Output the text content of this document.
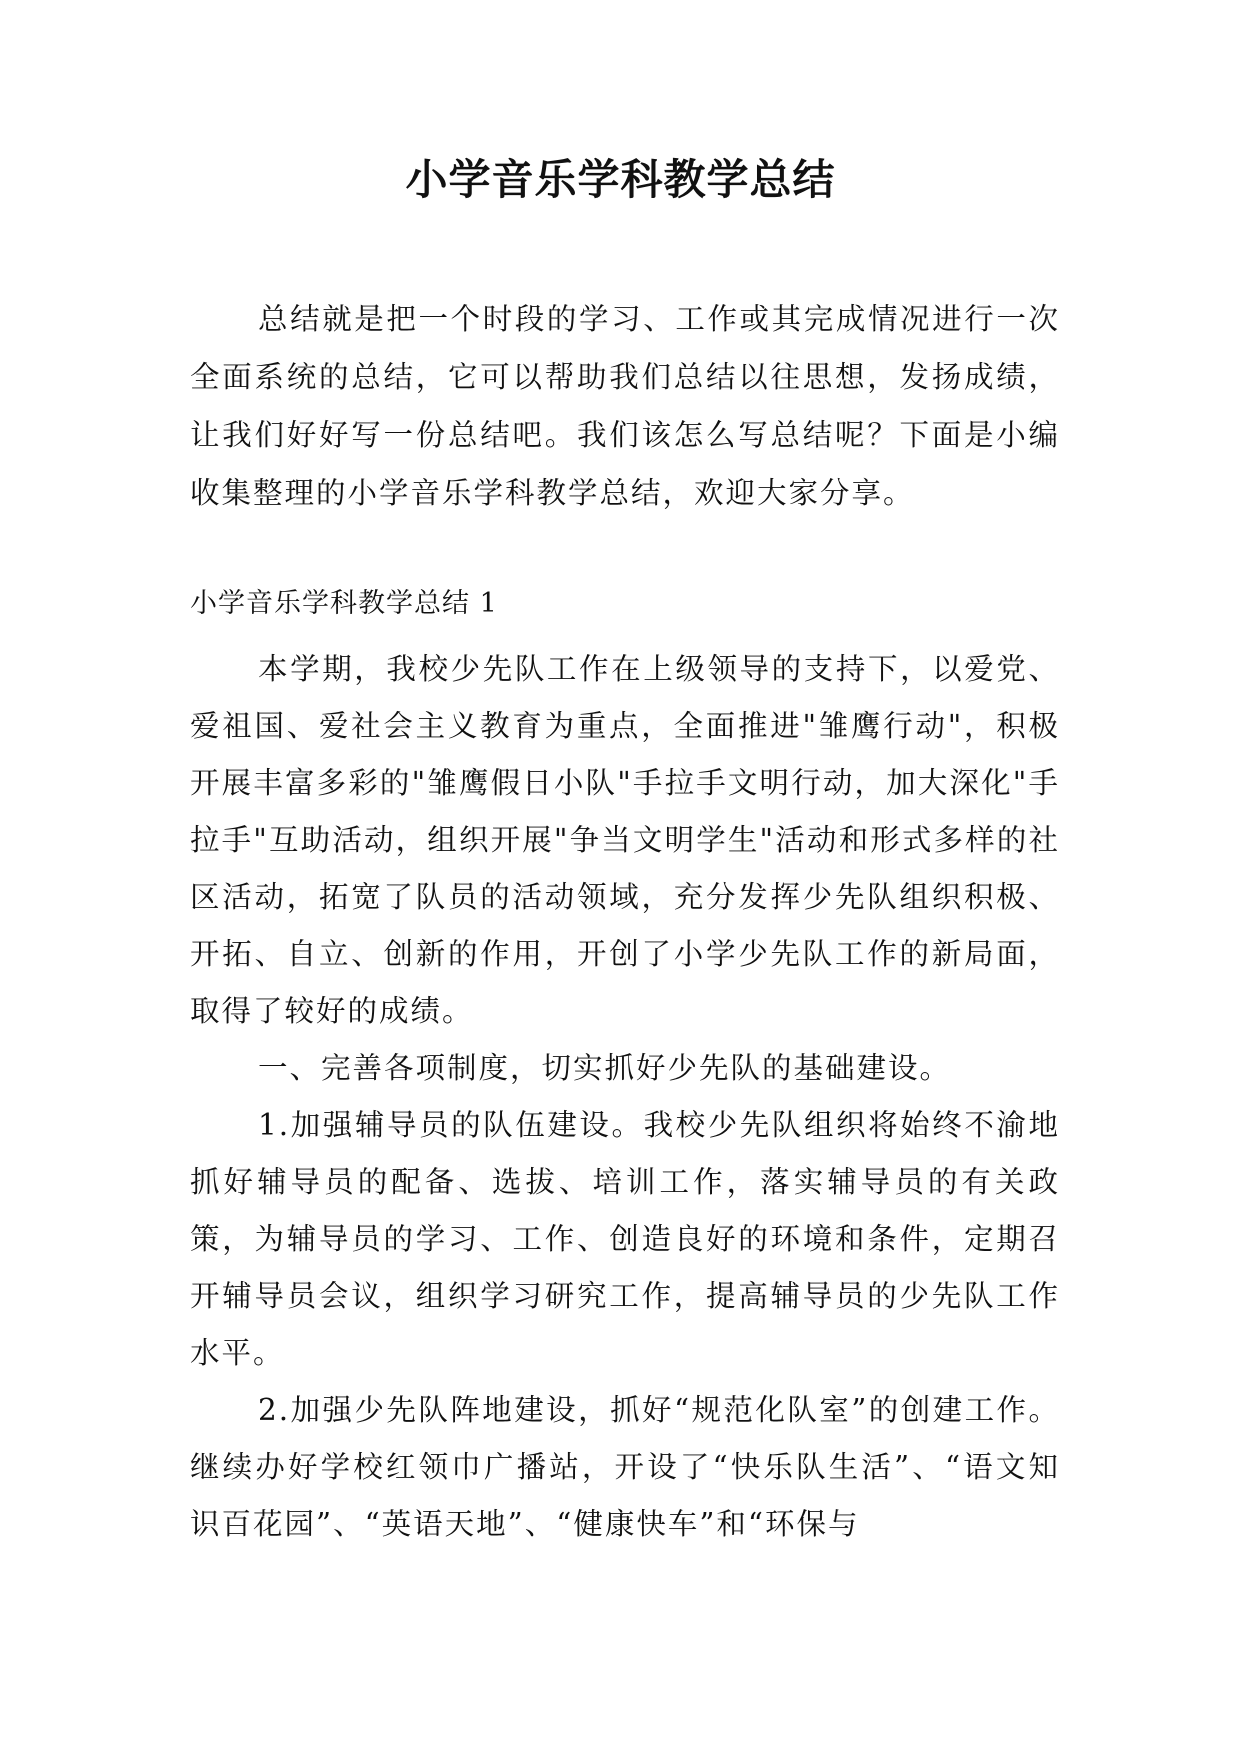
小学音乐学科教学总结

总结就是把一个时段的学习、工作或其完成情况进行一次全面系统的总结，它可以帮助我们总结以往思想，发扬成绩，让我们好好写一份总结吧。我们该怎么写总结呢？下面是小编收集整理的小学音乐学科教学总结，欢迎大家分享。

小学音乐学科教学总结 1

本学期，我校少先队工作在上级领导的支持下，以爱党、爱祖国、爱社会主义教育为重点，全面推进"雏鹰行动"，积极开展丰富多彩的"雏鹰假日小队"手拉手文明行动，加大深化"手拉手"互助活动，组织开展"争当文明学生"活动和形式多样的社区活动，拓宽了队员的活动领域，充分发挥少先队组织积极、开拓、自立、创新的作用，开创了小学少先队工作的新局面，取得了较好的成绩。

一、完善各项制度，切实抓好少先队的基础建设。

1.加强辅导员的队伍建设。我校少先队组织将始终不渝地抓好辅导员的配备、选拔、培训工作，落实辅导员的有关政策，为辅导员的学习、工作、创造良好的环境和条件，定期召开辅导员会议，组织学习研究工作，提高辅导员的少先队工作水平。

2.加强少先队阵地建设，抓好“规范化队室”的创建工作。继续办好学校红领巾广播站，开设了“快乐队生活”、“语文知识百花园”、“英语天地”、“健康快车”和“环保与
